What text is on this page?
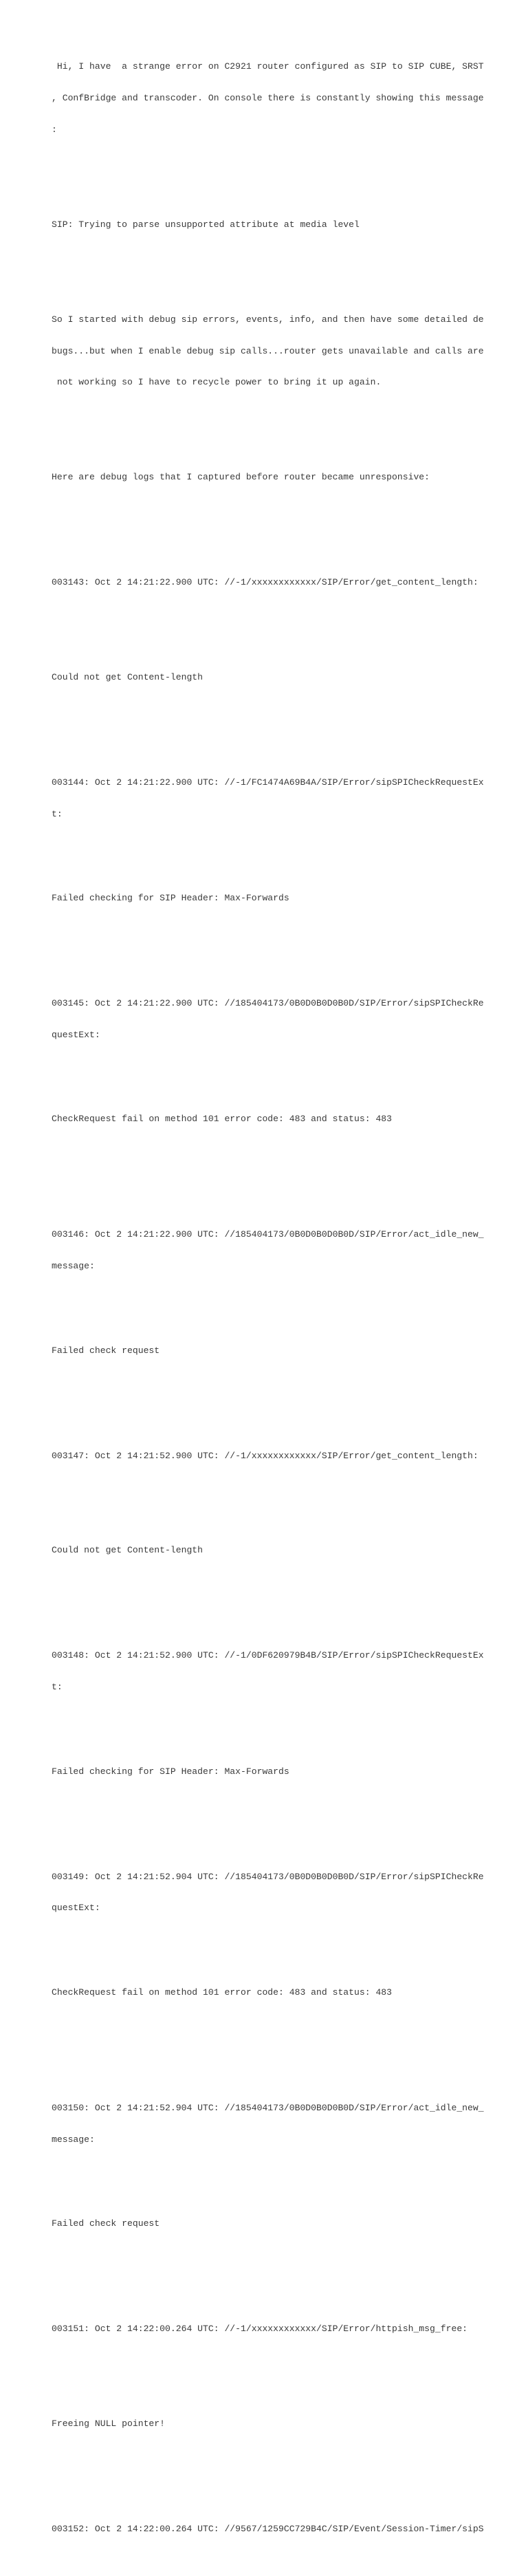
Hi, I have  a strange error on C2921 router configured as SIP to SIP CUBE, SRST

, ConfBridge and transcoder. On console there is constantly showing this message

:

SIP: Trying to parse unsupported attribute at media level

So I started with debug sip errors, events, info, and then have some detailed de

bugs...but when I enable debug sip calls...router gets unavailable and calls are

not working so I have to recycle power to bring it up again.

Here are debug logs that I captured before router became unresponsive:

003143: Oct 2 14:21:22.900 UTC: //-1/xxxxxxxxxxxx/SIP/Error/get_content_length:

Could not get Content-length

003144: Oct 2 14:21:22.900 UTC: //-1/FC1474A69B4A/SIP/Error/sipSPICheckRequestEx

t:

Failed checking for SIP Header: Max-Forwards

003145: Oct 2 14:21:22.900 UTC: //185404173/0B0D0B0D0B0D/SIP/Error/sipSPICheckRe

questExt:

CheckRequest fail on method 101 error code: 483 and status: 483

003146: Oct 2 14:21:22.900 UTC: //185404173/0B0D0B0D0B0D/SIP/Error/act_idle_new_

message:

Failed check request

003147: Oct 2 14:21:52.900 UTC: //-1/xxxxxxxxxxxx/SIP/Error/get_content_length:

Could not get Content-length

003148: Oct 2 14:21:52.900 UTC: //-1/0DF620979B4B/SIP/Error/sipSPICheckRequestEx

t:

Failed checking for SIP Header: Max-Forwards

003149: Oct 2 14:21:52.904 UTC: //185404173/0B0D0B0D0B0D/SIP/Error/sipSPICheckRe

questExt:

CheckRequest fail on method 101 error code: 483 and status: 483

003150: Oct 2 14:21:52.904 UTC: //185404173/0B0D0B0D0B0D/SIP/Error/act_idle_new_

message:

Failed check request

003151: Oct 2 14:22:00.264 UTC: //-1/xxxxxxxxxxxx/SIP/Error/httpish_msg_free:

Freeing NULL pointer!

003152: Oct 2 14:22:00.264 UTC: //9567/1259CC729B4C/SIP/Event/Session-Timer/sipS
